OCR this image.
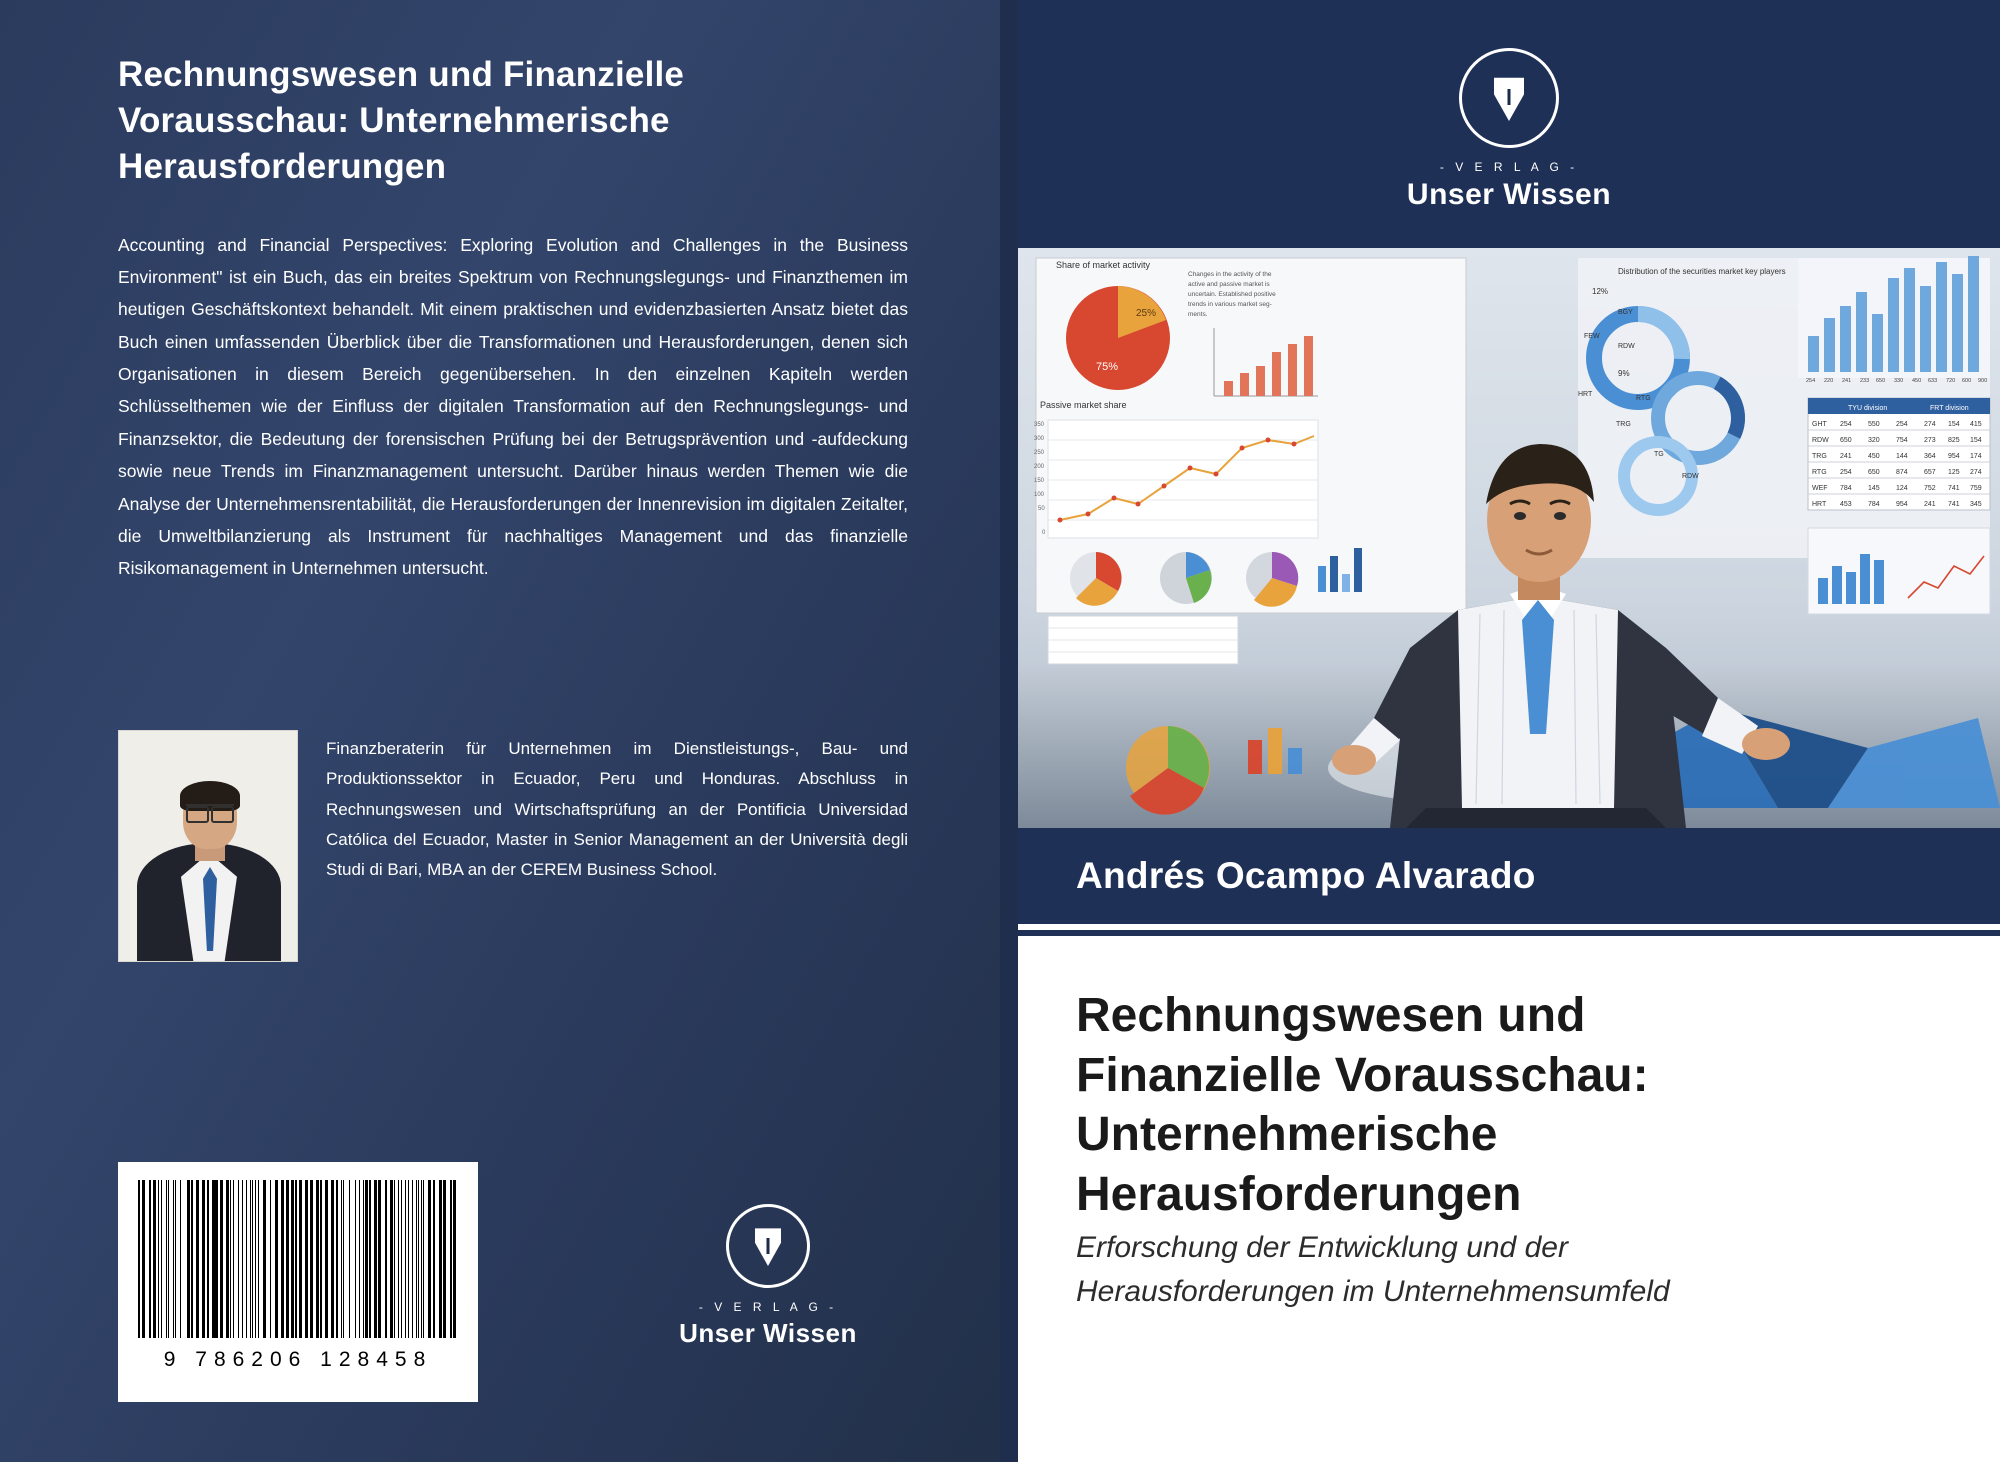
Rechnungswesen und Finanzielle Vorausschau: Unternehmerische Herausforderungen

Accounting and Financial Perspectives: Exploring Evolution and Challenges in the Business Environment" ist ein Buch, das ein breites Spektrum von Rechnungslegungs- und Finanzthemen im heutigen Geschäftskontext behandelt. Mit einem praktischen und evidenzbasierten Ansatz bietet das Buch einen umfassenden Überblick über die Transformationen und Herausforderungen, denen sich Organisationen in diesem Bereich gegenübersehen. In den einzelnen Kapiteln werden Schlüsselthemen wie der Einfluss der digitalen Transformation auf den Rechnungslegungs- und Finanzsektor, die Bedeutung der forensischen Prüfung bei der Betrugsprävention und -aufdeckung sowie neue Trends im Finanzmanagement untersucht. Darüber hinaus werden Themen wie die Analyse der Unternehmensrentabilität, die Herausforderungen der Innenrevision im digitalen Zeitalter, die Umweltbilanzierung als Instrument für nachhaltiges Management und das finanzielle Risikomanagement in Unternehmen untersucht.

Finanzberaterin für Unternehmen im Dienstleistungs-, Bau- und Produktionssektor in Ecuador, Peru und Honduras. Abschluss in Rechnungswesen und Wirtschaftsprüfung an der Pontificia Universidad Católica del Ecuador, Master in Senior Management an der Università degli Studi di Bari, MBA an der CEREM Business School.
9 786206 128458
- V E R L A G -
Unser Wissen
- V E R L A G -
Unser Wissen
75%
25%
Share of market activity
Passive market share
Changes in the activity of the
active and passive market is
uncertain. Established positive
trends in various market seg-
ments.
350
300
250
200
150
100
50
0
Distribution of the securities market key players
12%
FEW
BGY
RDW
HRT
RTG
TRG
TG
RDW
9%
254 220 241 233 650 330 450 633 720 600 900
TYU division	FRT division
GHT 254 550 254 274 154 415
RDW 650 320 754 273 825 154
TRG 241 450 144 364 954 174
RTG 254 650 874 657 125 274
WEF 784 145 124 752 741 759
HRT 453 784 954 241 741 345
Andrés Ocampo Alvarado
Rechnungswesen und
Finanzielle Vorausschau:
Unternehmerische
Herausforderungen
Erforschung der Entwicklung und der
Herausforderungen im Unternehmensumfeld
